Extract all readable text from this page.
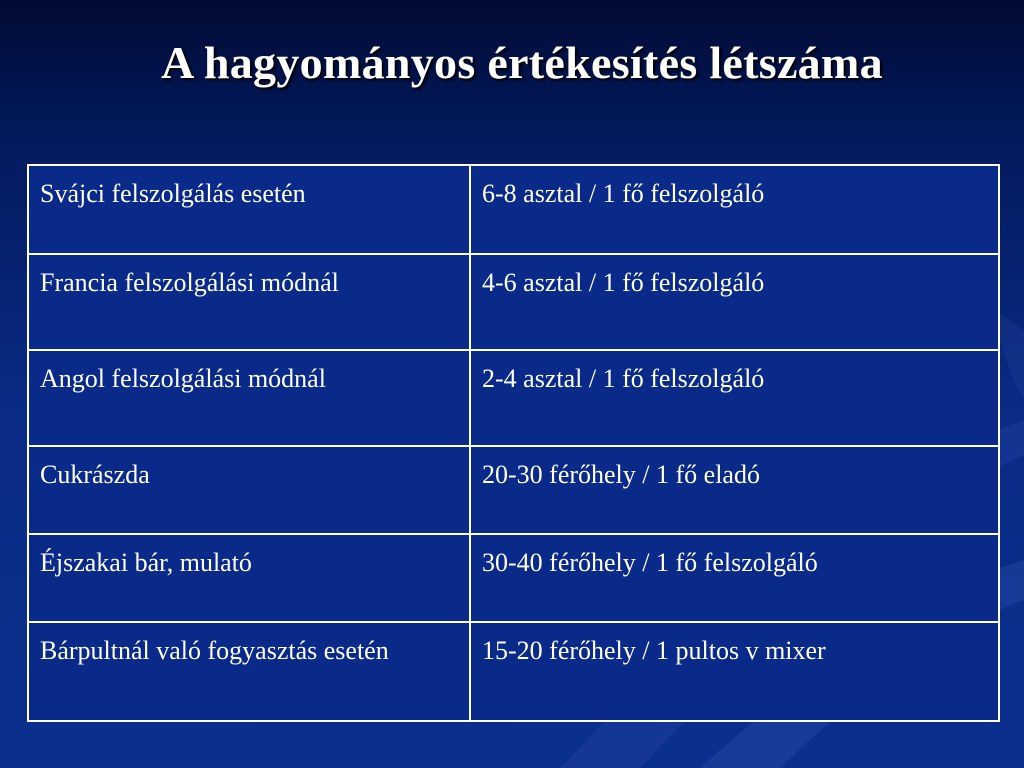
A hagyományos értékesítés létszáma
Svájci felszolgálás esetén	6-8 asztal / 1 fő felszolgáló
Francia felszolgálási módnál	4-6 asztal / 1 fő felszolgáló
Angol felszolgálási módnál	2-4 asztal / 1 fő felszolgáló
Cukrászda	20-30 férőhely / 1 fő eladó
Éjszakai bár, mulató	30-40 férőhely / 1 fő felszolgáló
Bárpultnál való fogyasztás esetén	15-20 férőhely / 1 pultos v mixer
